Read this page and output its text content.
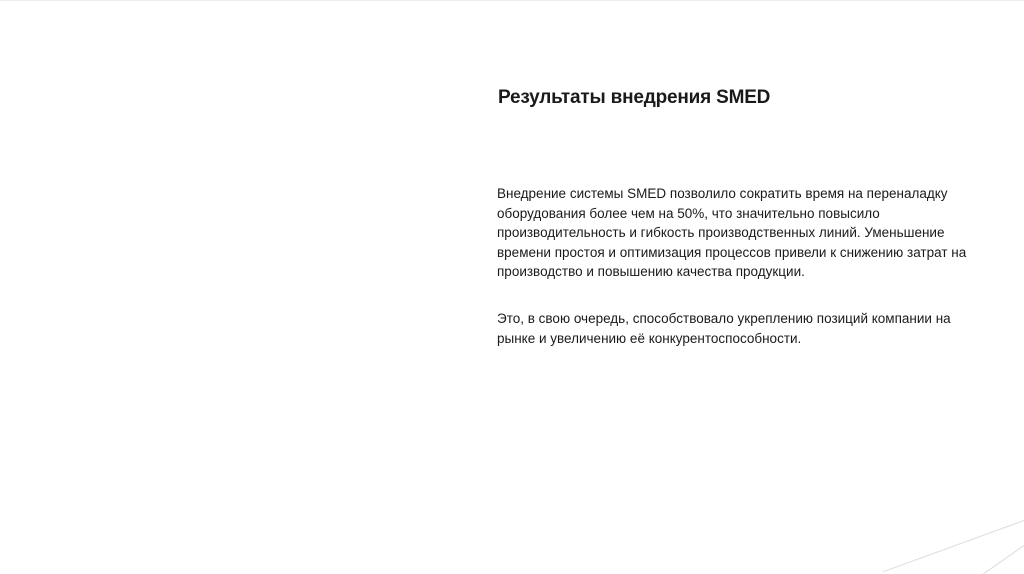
Результаты внедрения SMED

Внедрение системы SMED позволило сократить время на переналадку оборудования более чем на 50%, что значительно повысило производительность и гибкость производственных линий. Уменьшение времени простоя и оптимизация процессов привели к снижению затрат на производство и повышению качества продукции.

Это, в свою очередь, способствовало укреплению позиций компании на рынке и увеличению её конкурентоспособности.
